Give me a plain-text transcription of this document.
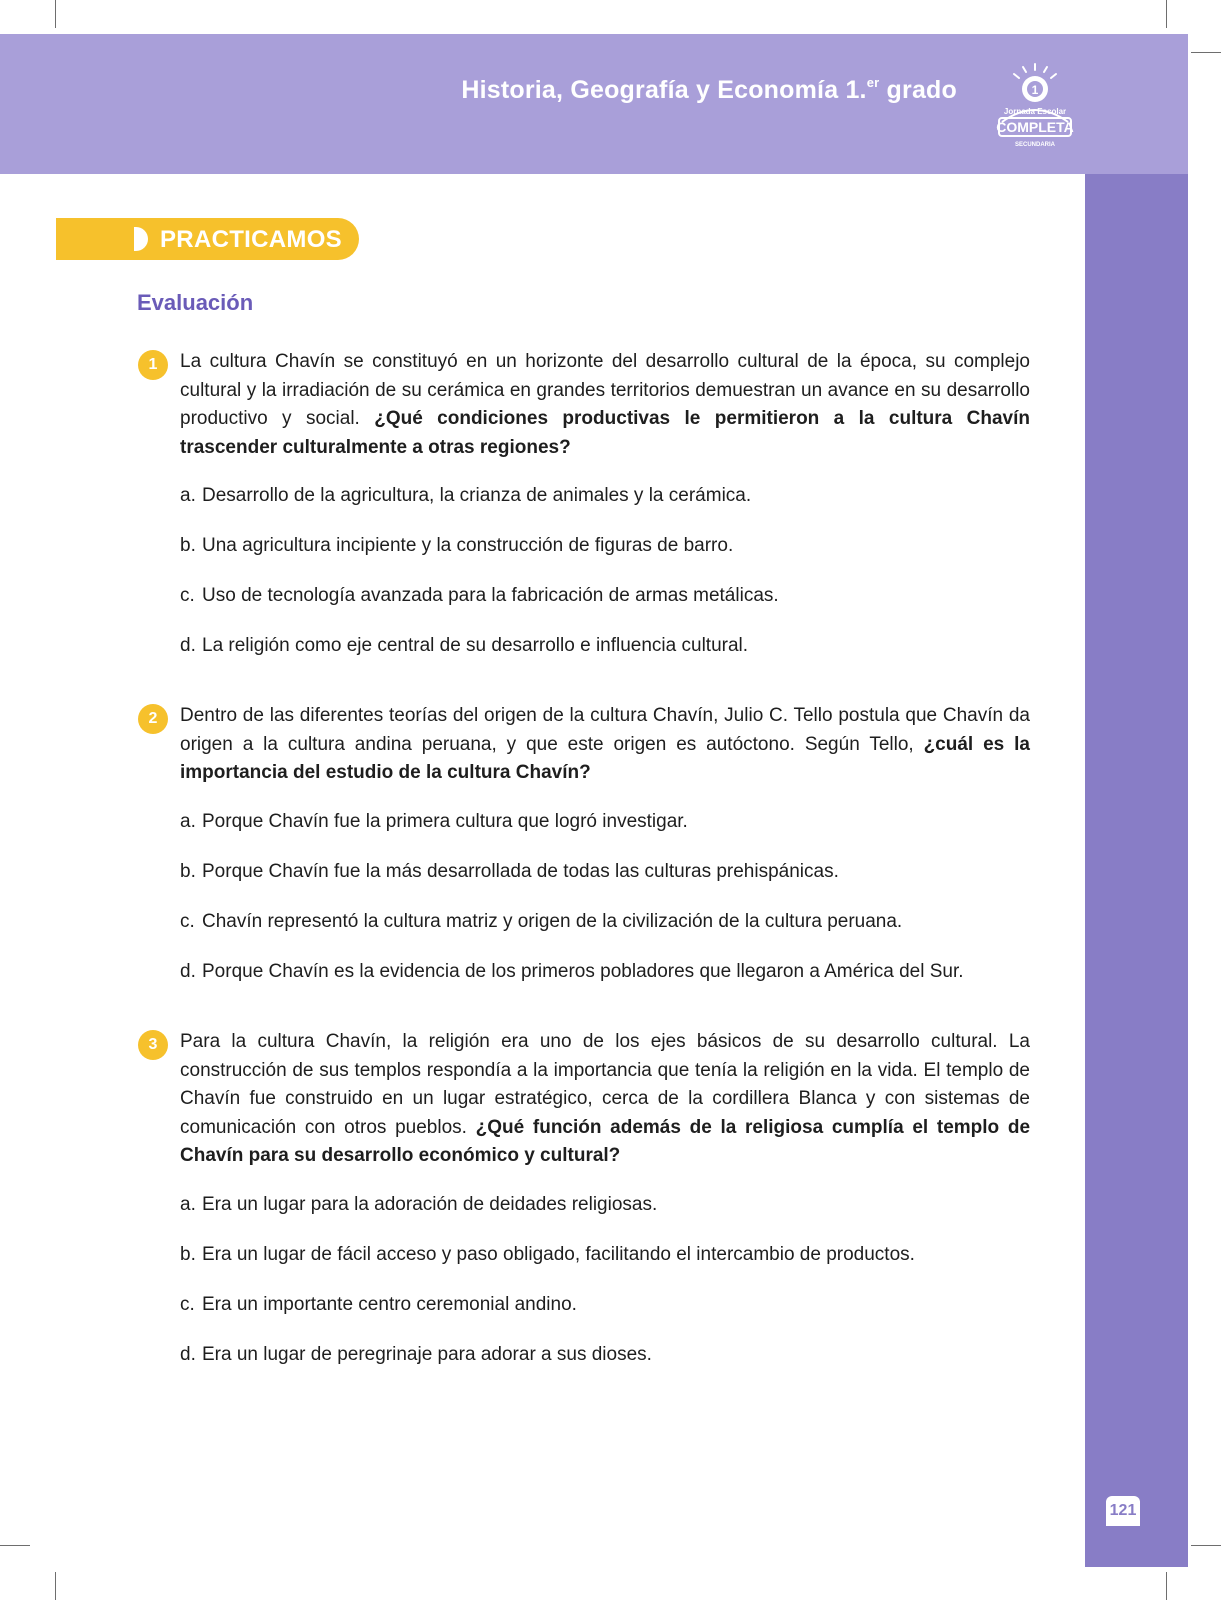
Historia, Geografía y Economía 1.$^{er}$ grado	1
Jornada Escolar
COMPLETA
SECUNDARIA
121
PRACTICAMOS
Evaluación
1	La cultura Chavín se constituyó en un horizonte del desarrollo cultural de la época, su complejo cultural y la irradiación de su cerámica en grandes territorios demuestran un avance en su desarrollo productivo y social. ¿Qué condiciones productivas le permitieron a la cultura Chavín trascender culturalmente a otras regiones?

a. Desarrollo de la agricultura, la crianza de animales y la cerámica.
b. Una agricultura incipiente y la construcción de figuras de barro.
c. Uso de tecnología avanzada para la fabricación de armas metálicas.
d. La religión como eje central de su desarrollo e influencia cultural.
2	Dentro de las diferentes teorías del origen de la cultura Chavín, Julio C. Tello postula que Chavín da origen a la cultura andina peruana, y que este origen es autóctono. Según Tello, ¿cuál es la importancia del estudio de la cultura Chavín?

a. Porque Chavín fue la primera cultura que logró investigar.
b. Porque Chavín fue la más desarrollada de todas las culturas prehispánicas.
c. Chavín representó la cultura matriz y origen de la civilización de la cultura peruana.
d. Porque Chavín es la evidencia de los primeros pobladores que llegaron a América del Sur.
3	Para la cultura Chavín, la religión era uno de los ejes básicos de su desarrollo cultural. La construcción de sus templos respondía a la importancia que tenía la religión en la vida. El templo de Chavín fue construido en un lugar estratégico, cerca de la cordillera Blanca y con sistemas de comunicación con otros pueblos. ¿Qué función además de la religiosa cumplía el templo de Chavín para su desarrollo económico y cultural?

a. Era un lugar para la adoración de deidades religiosas.
b. Era un lugar de fácil acceso y paso obligado, facilitando el intercambio de productos.
c. Era un importante centro ceremonial andino.
d. Era un lugar de peregrinaje para adorar a sus dioses.
